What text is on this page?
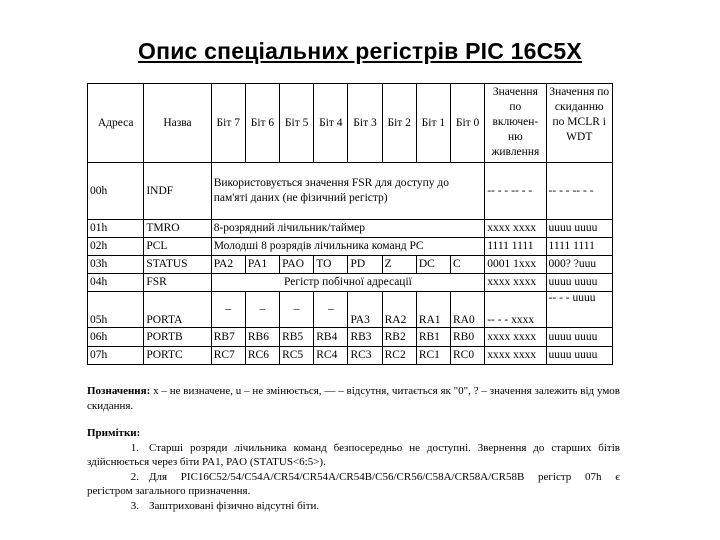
Опис спеціальних регістрів PIC 16C5X
Адреса	Назва	Біт 7	Біт 6	Біт 5	Біт 4	Біт 3	Біт 2	Біт 1	Біт 0	Значення по включен-ню живлення	Значення по скиданню по MCLR і WDT
00h	INDF	Використовується значення FSR для доступу до пам'яті даних (не фізичний регістр)								-- - - -- - -	-- - - -- - -
01h	TMRO	8-розрядний лічильник/таймер								xxxx xxxx	uuuu uuuu
02h	PCL	Молодші 8 розрядів лічильника команд PC								1111 1111	1111 1111
03h	STATUS	PA2	PA1	PAO	TO	PD	Z	DC	C	0001 1xxx	000? ?uuu
04h	FSR	Регістр побічної адресації								xxxx xxxx	uuuu uuuu
05h	PORTA	–	–	–	–	PA3	RA2	RA1	RA0	-- - - xxxx	-- - - uuuu
06h	PORTB	RB7	RB6	RB5	RB4	RB3	RB2	RB1	RB0	xxxx xxxx	uuuu uuuu
07h	PORTC	RC7	RC6	RC5	RC4	RC3	RC2	RC1	RC0	xxxx xxxx	uuuu uuuu

Позначення: x – не визначене, u – не змінюється, — – відсутня, читається як "0", ? – значення залежить від умов скидання.

Примітки:

1. Старші розряди лічильника команд безпосередньо не доступні. Звернення до старших бітів здійснюється через біти PA1, PAO (STATUS<6:5>).

2. Для PIC16C52/54/C54A/CR54/CR54A/CR54B/C56/CR56/C58A/CR58A/CR58B регістр 07h є регістром загального призначення.

3. Заштриховані фізично відсутні біти.
